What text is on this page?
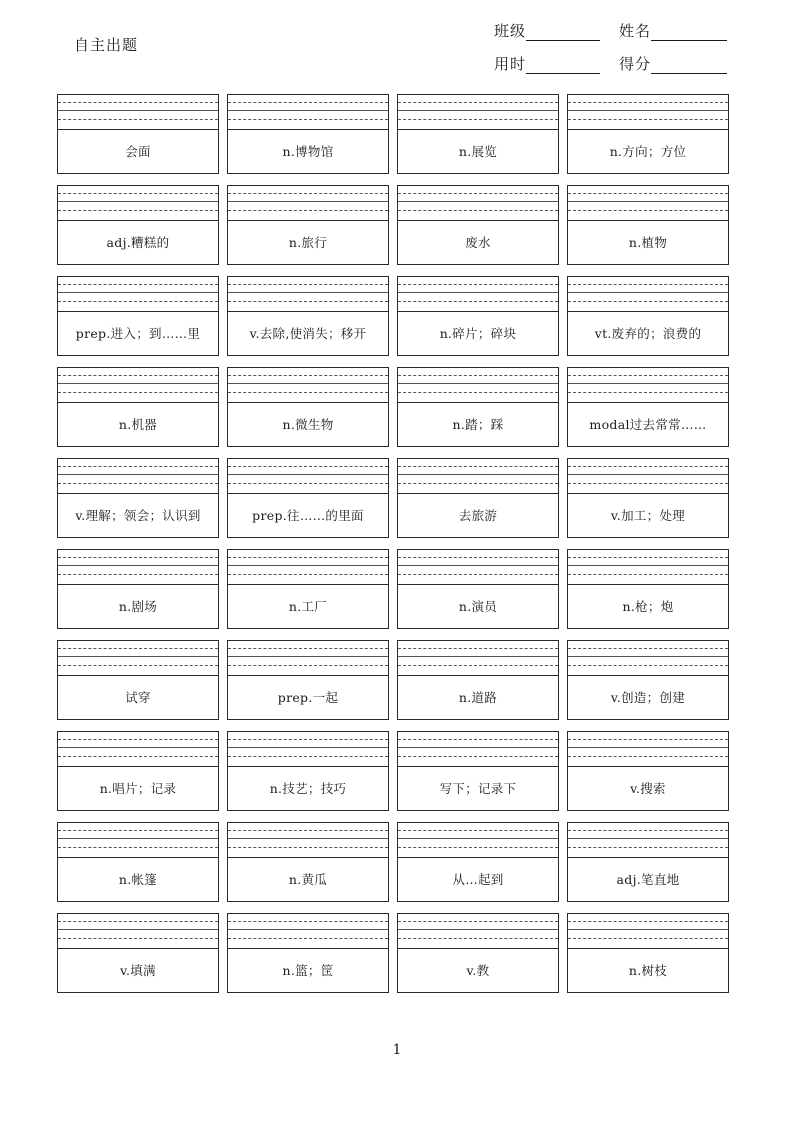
自主出题
班级	姓名
用时	得分
会面	n.博物馆	n.展览	n.方向；方位
adj.糟糕的	n.旅行	废水	n.植物
prep.进入；到……里	v.去除,使消失；移开	n.碎片；碎块	vt.废弃的；浪费的
n.机器	n.微生物	n.踏；踩	modal过去常常……
v.理解；领会；认识到	prep.往……的里面	去旅游	v.加工；处理
n.剧场	n.工厂	n.演员	n.枪；炮
试穿	prep.一起	n.道路	v.创造；创建
n.唱片；记录	n.技艺；技巧	写下；记录下	v.搜索
n.帐篷	n.黄瓜	从…起到	adj.笔直地
v.填满	n.篮；筐	v.教	n.树枝
1
